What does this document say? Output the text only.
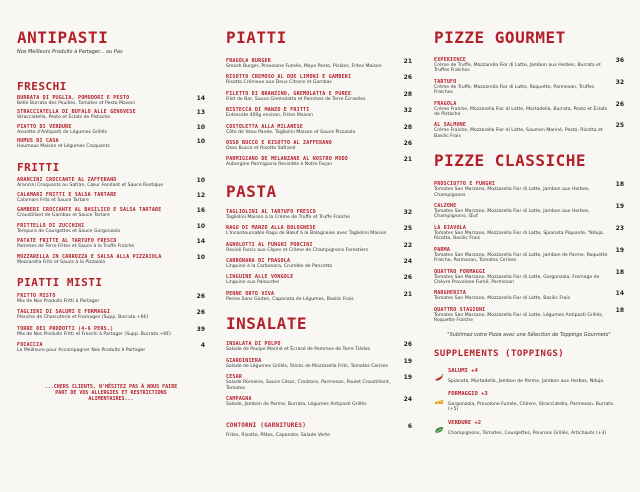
ANTIPASTI
Nos Meilleurs Produits à Partager... ou Pas
FRESCHI
BURRATA DI PUGLIA, POMODORI E PESTO
Belle Burrata des Pouilles, Tomates et Pesto Maison
14
STRACCIATELLA DI BUFALO ALLE GENOVESE
Stracciatella, Pesto et Éclats de Pistache
13
PIATTO DI VERDURE
Assiette d'Antipasti de Légumes Grillés
10
HUMUS DI CASA
Houmous Maison et Légumes Croquants
10
FRITTI
ARANCINI CROCCANTE AL ZAFFERANO
Arancini Croquants au Safran, Cœur Fondant et Sauce Rustique
10
CALAMARI FRITTI E SALSA TARTARE
Calamars Frits et Sauce Tartare
12
GAMBERI CROCCANTE AL BASILICO E SALSA TARTARE
Croustillant de Gambas et Sauce Tartare
16
FRITTELLO DI ZUCCHINI
Tempura de Courgettes et Sauce Gorgonzola
10
PATATE FRITTE AL TARTUFO FRESCO
Pommes de Terre Frites et Sauce à la Truffe Fraîche
14
MOZZARELLA IN CARROZZA E SALSA ALLA PIZZAIOLA
Mozzarella Frits et Sauce à la Pizzaiola
10
PIATTI MISTI
FRITTO MISTO
Mix de Nos Produits Fritti à Partager
26
TAGLIERI DI SALUMI E FORMAGGI
Planche de Charcuterie et Fromages (Supp. Burrata +6€)
26
TORRE DEI PRODOTTI (4-6 PERS.)
Mix de Nos Produits Fritti et Freschi à Partager (Supp. Burrata +6€)
39
FOCACCIA
La Meilleure pour Accompagner Nos Produits à Partager
4
...CHERS CLIENTS, N'HÉSITEZ PAS À NOUS FAIRE PART DE VOS ALLERGIES ET RESTRICTIONS ALIMENTAIRES...
PIATTI
FRAGOLA BURGER
Smash Burger, Provolone Fumée, Mayo Pesto, Pickles, Frites Maison
21
RISOTTO CREMOSO AL DUE LIMONI E GAMBERI
Risotto Crémeux aux Deux Citrons et Gambas
26
FILETTO DI BRANZINO, GREMOLATTA E PUREE
Filet de Bar, Sauce Gremolatta et Pommes de Terre Écrasées
28
BISTECCA DI MANZO E FRITTI
Entrecote 400g environ, Frites Maison
32
COSTOLETTA ALLA MILANESE
Côte de Veau Panée, Tagliolini Maison et Sauce Pizzaiola
28
OSSO BUCCO E RISOTTO AL ZAFFERANO
Osso Bucco et Risotto Safrané
26
PARMIGIANO DE MELANZANE AL NOSTRO MODO
Aubergine Parmigiana Revisitée à Notre Façon
21
PASTA
TAGLIOLINI AL TARTUFO FRESCO
Tagliolini Maison à la Crème de Truffe et Truffe Fraîche
32
RAGU DI MANZO ALLA BOLOGNESE
L'Incontournable Ragù de Bœuf à la Bolognaise avec Tagliolini Maison
25
AGNOLOTTI AL FUNGHI PORCINI
Ravioli Farcis aux Cèpes et Crème de Champignons Forestiers
22
CARBONARA DI FRAGOLA
Linguine à la Carbonara, Crumble de Pancetta
24
LINGUINE ALLE VONGOLE
Linguine aux Palourdes
26
PENNE ORTO VIVA
Penne Sans Gluten, Caponata de Légumes, Basilic Frais
21
INSALATE
INSALATA DI POLPO
Salade de Poulpe Mariné et Écrasé de Pommes de Terre Tièdes
26
GIARDINIERA
Salade de Légumes Grillés, Sticks de Mozzarella Frits, Tomates Cerises
19
CESAR
Salade Romaine, Sauce César, Croûtons, Parmesan, Poulet Croustillant, Tomates
19
CAMPAGNA
Salade, Jambon de Parme, Burrata, Légumes Antipasti Grillés
24
CONTORNI (GARNITURES)
Frites, Risotto, Pâtes, Caponata, Salade Verte
6
PIZZE GOURMET
EXPERIENCE
Crème de Truffe, Mozzarella Fior di Latte, Jambon aux Herbes, Burrata et Truffes Fraîches
36
TARTUFO
Crème de Truffe, Mozzarella Fior di Latte, Roquette, Parmesan, Truffes Fraîches
32
FRAGOLA
Crème Fraîche, Mozzarella Fior di Latte, Mortadella, Burrata, Pesto et Éclats de Pistache
26
AL SALMONE
Crème Fraîche, Mozzarella Fior di Latte, Saumon Mariné, Pesto, Ricotta et Basilic Frais
25
PIZZE CLASSICHE
PROSCIUTTO E FUNGHI
Tomates San Marzano, Mozzarella Fior di Latte, Jambon aux Herbes, Champignons
18
CALZONE
Tomates San Marzano, Mozzarella Fior di Latte, Jambon aux Herbes, Champignons, Œuf
19
LA DIAVOLA
Tomates San Marzano, Mozzarella Fior di Latte, Spianata Piquante, 'Nduja, Ricotta, Basilic Frais
23
PARMA
Tomates San Marzano, Mozzarella Fior di Latte, Jambon de Parme, Roquette Fraîche, Parmesan, Tomates Cerises
19
QUATTRO FORMAGGI
Tomates San Marzano, Mozzarella Fior di Latte, Gorgonzola, Fromage de Chèvre Provolone Fumé, Parmesan
18
MARGHERITA
Tomates San Marzano, Mozzarella Fior di Latte, Basilic Frais
14
QUATTRO STAGIONI
Tomates San Marzano, Mozzarella Fior di Latte, Légumes Antipasti Grillés, Roquette Fraîche
18
"Sublimez votre Pizza avec une Sélection de Toppings Gourmets"
SUPPLEMENTS (TOPPINGS)
SALUMI +4
Spianata, Mortadella, Jambon de Parme, Jambon aux Herbes, Nduja
FORMAGGIO +3
Gorgonzola, Provolone Fumée, Chèvre, Stracciatella, Parmesan, Burrata (+5)
VERDURE +2
Champignons, Tomates, Courgettes, Poivrons Grillés, Artichauts (+3)
